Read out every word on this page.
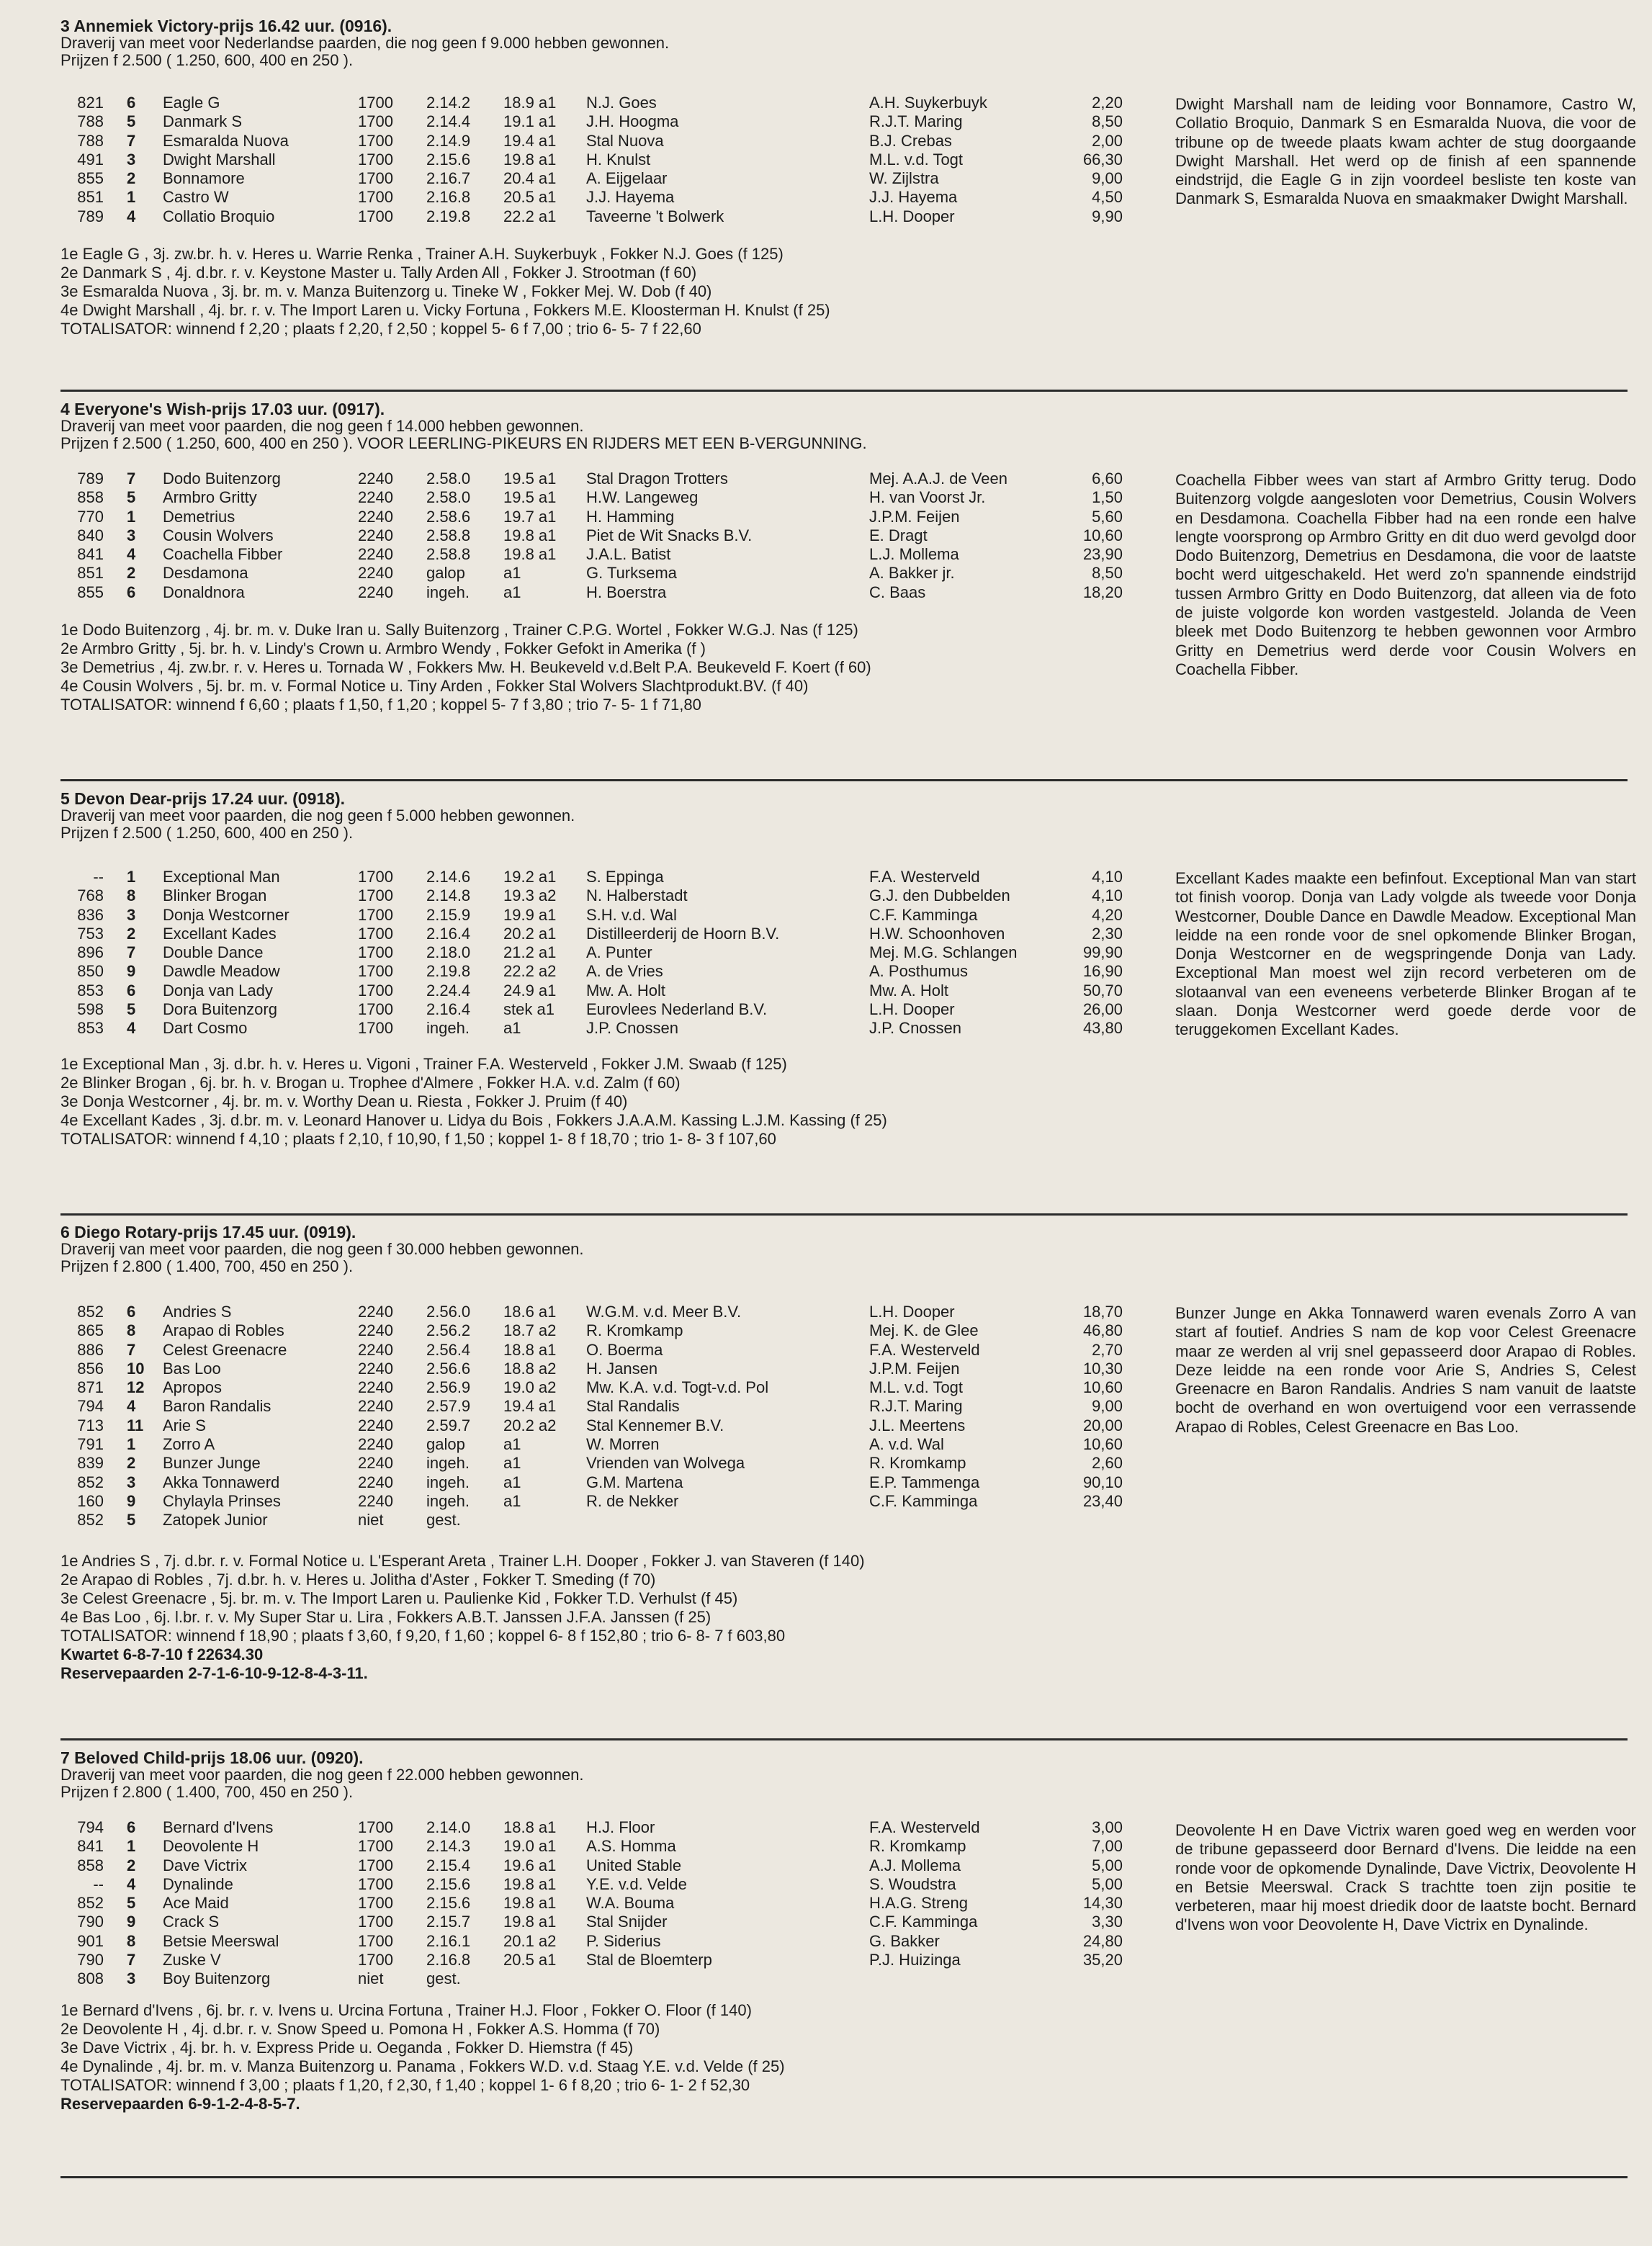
3 Annemiek Victory-prijs 16.42 uur. (0916).
Draverij van meet voor Nederlandse paarden, die nog geen f 9.000 hebben gewonnen.
Prijzen f 2.500 ( 1.250, 600, 400 en 250 ).
821 6 Eagle G	1700 2.14.2 18.9 a1 N.J. Goes	A.H. Suykerbuyk	2,20
788 5 Danmark S	1700 2.14.4 19.1 a1 J.H. Hoogma	R.J.T. Maring	8,50
788 7 Esmaralda Nuova	1700 2.14.9 19.4 a1 Stal Nuova	B.J. Crebas	2,00
491 3 Dwight Marshall	1700 2.15.6 19.8 a1 H. Knulst	M.L. v.d. Togt	66,30
855 2 Bonnamore	1700 2.16.7 20.4 a1 A. Eijgelaar	W. Zijlstra	9,00
851 1 Castro W	1700 2.16.8 20.5 a1 J.J. Hayema	J.J. Hayema	4,50
789 4 Collatio Broquio	1700 2.19.8 22.2 a1 Taveerne 't Bolwerk	L.H. Dooper	9,90
Dwight Marshall nam de leiding voor Bonnamore, Castro W, Collatio Broquio, Danmark S en Esmaralda Nuova, die voor de tribune op de tweede plaats kwam achter de stug doorgaande Dwight Marshall. Het werd op de finish af een spannende eindstrijd, die Eagle G in zijn voordeel besliste ten koste van Danmark S, Esmaralda Nuova en smaakmaker Dwight Marshall.
1e Eagle G , 3j. zw.br. h. v. Heres u. Warrie Renka , Trainer A.H. Suykerbuyk , Fokker N.J. Goes (f 125)
2e Danmark S , 4j. d.br. r. v. Keystone Master u. Tally Arden All , Fokker J. Strootman (f 60)
3e Esmaralda Nuova , 3j. br. m. v. Manza Buitenzorg u. Tineke W , Fokker Mej. W. Dob (f 40)
4e Dwight Marshall , 4j. br. r. v. The Import Laren u. Vicky Fortuna , Fokkers M.E. Kloosterman H. Knulst (f 25)
TOTALISATOR: winnend f 2,20 ; plaats f 2,20, f 2,50 ; koppel 5- 6 f 7,00 ; trio 6- 5- 7 f 22,60
4 Everyone's Wish-prijs 17.03 uur. (0917).
Draverij van meet voor paarden, die nog geen f 14.000 hebben gewonnen.
Prijzen f 2.500 ( 1.250, 600, 400 en 250 ). VOOR LEERLING-PIKEURS EN RIJDERS MET EEN B-VERGUNNING.
789 7 Dodo Buitenzorg	2240 2.58.0 19.5 a1 Stal Dragon Trotters	Mej. A.A.J. de Veen	6,60
858 5 Armbro Gritty	2240 2.58.0 19.5 a1 H.W. Langeweg	H. van Voorst Jr.	1,50
770 1 Demetrius	2240 2.58.6 19.7 a1 H. Hamming	J.P.M. Feijen	5,60
840 3 Cousin Wolvers	2240 2.58.8 19.8 a1 Piet de Wit Snacks B.V.	E. Dragt	10,60
841 4 Coachella Fibber	2240 2.58.8 19.8 a1 J.A.L. Batist	L.J. Mollema	23,90
851 2 Desdamona	2240 galop a1	G. Turksema	A. Bakker jr.	8,50
855 6 Donaldnora	2240 ingeh. a1	H. Boerstra	C. Baas	18,20
Coachella Fibber wees van start af Armbro Gritty terug. Dodo Buitenzorg volgde aangesloten voor Demetrius, Cousin Wolvers en Desdamona. Coachella Fibber had na een ronde een halve lengte voorsprong op Armbro Gritty en dit duo werd gevolgd door Dodo Buitenzorg, Demetrius en Desdamona, die voor de laatste bocht werd uitgeschakeld. Het werd zo'n spannende eindstrijd tussen Armbro Gritty en Dodo Buitenzorg, dat alleen via de foto de juiste volgorde kon worden vastgesteld. Jolanda de Veen bleek met Dodo Buitenzorg te hebben gewonnen voor Armbro Gritty en Demetrius werd derde voor Cousin Wolvers en Coachella Fibber.
1e Dodo Buitenzorg , 4j. br. m. v. Duke Iran u. Sally Buitenzorg , Trainer C.P.G. Wortel , Fokker W.G.J. Nas (f 125)
2e Armbro Gritty , 5j. br. h. v. Lindy's Crown u. Armbro Wendy , Fokker Gefokt in Amerika (f )
3e Demetrius , 4j. zw.br. r. v. Heres u. Tornada W , Fokkers Mw. H. Beukeveld v.d.Belt P.A. Beukeveld F. Koert (f 60)
4e Cousin Wolvers , 5j. br. m. v. Formal Notice u. Tiny Arden , Fokker Stal Wolvers Slachtprodukt.BV. (f 40)
TOTALISATOR: winnend f 6,60 ; plaats f 1,50, f 1,20 ; koppel 5- 7 f 3,80 ; trio 7- 5- 1 f 71,80
5 Devon Dear-prijs 17.24 uur. (0918).
Draverij van meet voor paarden, die nog geen f 5.000 hebben gewonnen.
Prijzen f 2.500 ( 1.250, 600, 400 en 250 ).
-- 1 Exceptional Man	1700 2.14.6 19.2 a1 S. Eppinga	F.A. Westerveld	4,10
768 8 Blinker Brogan	1700 2.14.8 19.3 a2 N. Halberstadt	G.J. den Dubbelden	4,10
836 3 Donja Westcorner	1700 2.15.9 19.9 a1 S.H. v.d. Wal	C.F. Kamminga	4,20
753 2 Excellant Kades	1700 2.16.4 20.2 a1 Distilleerderij de Hoorn B.V.	H.W. Schoonhoven	2,30
896 7 Double Dance	1700 2.18.0 21.2 a1 A. Punter	Mej. M.G. Schlangen	99,90
850 9 Dawdle Meadow	1700 2.19.8 22.2 a2 A. de Vries	A. Posthumus	16,90
853 6 Donja van Lady	1700 2.24.4 24.9 a1 Mw. A. Holt	Mw. A. Holt	50,70
598 5 Dora Buitenzorg	1700 2.16.4 stek a1 Eurovlees Nederland B.V.	L.H. Dooper	26,00
853 4 Dart Cosmo	1700 ingeh. a1	J.P. Cnossen	J.P. Cnossen	43,80
Excellant Kades maakte een befinfout. Exceptional Man van start tot finish voorop. Donja van Lady volgde als tweede voor Donja Westcorner, Double Dance en Dawdle Meadow. Exceptional Man leidde na een ronde voor de snel opkomende Blinker Brogan, Donja Westcorner en de wegspringende Donja van Lady. Exceptional Man moest wel zijn record verbeteren om de slotaanval van een eveneens verbeterde Blinker Brogan af te slaan. Donja Westcorner werd goede derde voor de teruggekomen Excellant Kades.
1e Exceptional Man , 3j. d.br. h. v. Heres u. Vigoni , Trainer F.A. Westerveld , Fokker J.M. Swaab (f 125)
2e Blinker Brogan , 6j. br. h. v. Brogan u. Trophee d'Almere , Fokker H.A. v.d. Zalm (f 60)
3e Donja Westcorner , 4j. br. m. v. Worthy Dean u. Riesta , Fokker J. Pruim (f 40)
4e Excellant Kades , 3j. d.br. m. v. Leonard Hanover u. Lidya du Bois , Fokkers J.A.A.M. Kassing L.J.M. Kassing (f 25)
TOTALISATOR: winnend f 4,10 ; plaats f 2,10, f 10,90, f 1,50 ; koppel 1- 8 f 18,70 ; trio 1- 8- 3 f 107,60
6 Diego Rotary-prijs 17.45 uur. (0919).
Draverij van meet voor paarden, die nog geen f 30.000 hebben gewonnen.
Prijzen f 2.800 ( 1.400, 700, 450 en 250 ).
852 6 Andries S	2240 2.56.0 18.6 a1 W.G.M. v.d. Meer B.V.	L.H. Dooper	18,70
865 8 Arapao di Robles	2240 2.56.2 18.7 a2 R. Kromkamp	Mej. K. de Glee	46,80
886 7 Celest Greenacre	2240 2.56.4 18.8 a1 O. Boerma	F.A. Westerveld	2,70
856 10 Bas Loo	2240 2.56.6 18.8 a2 H. Jansen	J.P.M. Feijen	10,30
871 12 Apropos	2240 2.56.9 19.0 a2 Mw. K.A. v.d. Togt-v.d. Pol	M.L. v.d. Togt	10,60
794 4 Baron Randalis	2240 2.57.9 19.4 a1 Stal Randalis	R.J.T. Maring	9,00
713 11 Arie S	2240 2.59.7 20.2 a2 Stal Kennemer B.V.	J.L. Meertens	20,00
791 1 Zorro A	2240 galop a1	W. Morren	A. v.d. Wal	10,60
839 2 Bunzer Junge	2240 ingeh. a1	Vrienden van Wolvega	R. Kromkamp	2,60
852 3 Akka Tonnawerd	2240 ingeh. a1	G.M. Martena	E.P. Tammenga	90,10
160 9 Chylayla Prinses	2240 ingeh. a1	R. de Nekker	C.F. Kamminga	23,40
852 5 Zatopek Junior	niet	gest.
Bunzer Junge en Akka Tonnawerd waren evenals Zorro A van start af foutief. Andries S nam de kop voor Celest Greenacre maar ze werden al vrij snel gepasseerd door Arapao di Robles. Deze leidde na een ronde voor Arie S, Andries S, Celest Greenacre en Baron Randalis. Andries S nam vanuit de laatste bocht de overhand en won overtuigend voor een verrassende Arapao di Robles, Celest Greenacre en Bas Loo.
1e Andries S , 7j. d.br. r. v. Formal Notice u. L'Esperant Areta , Trainer L.H. Dooper , Fokker J. van Staveren (f 140)
2e Arapao di Robles , 7j. d.br. h. v. Heres u. Jolitha d'Aster , Fokker T. Smeding (f 70)
3e Celest Greenacre , 5j. br. m. v. The Import Laren u. Paulienke Kid , Fokker T.D. Verhulst (f 45)
4e Bas Loo , 6j. l.br. r. v. My Super Star u. Lira , Fokkers A.B.T. Janssen J.F.A. Janssen (f 25)
TOTALISATOR: winnend f 18,90 ; plaats f 3,60, f 9,20, f 1,60 ; koppel 6- 8 f 152,80 ; trio 6- 8- 7 f 603,80
Kwartet 6-8-7-10 f 22634.30
Reservepaarden 2-7-1-6-10-9-12-8-4-3-11.
7 Beloved Child-prijs 18.06 uur. (0920).
Draverij van meet voor paarden, die nog geen f 22.000 hebben gewonnen.
Prijzen f 2.800 ( 1.400, 700, 450 en 250 ).
794 6 Bernard d'Ivens	1700 2.14.0 18.8 a1 H.J. Floor	F.A. Westerveld	3,00
841 1 Deovolente H	1700 2.14.3 19.0 a1 A.S. Homma	R. Kromkamp	7,00
858 2 Dave Victrix	1700 2.15.4 19.6 a1 United Stable	A.J. Mollema	5,00
-- 4 Dynalinde	1700 2.15.6 19.8 a1 Y.E. v.d. Velde	S. Woudstra	5,00
852 5 Ace Maid	1700 2.15.6 19.8 a1 W.A. Bouma	H.A.G. Streng	14,30
790 9 Crack S	1700 2.15.7 19.8 a1 Stal Snijder	C.F. Kamminga	3,30
901 8 Betsie Meerswal	1700 2.16.1 20.1 a2 P. Siderius	G. Bakker	24,80
790 7 Zuske V	1700 2.16.8 20.5 a1 Stal de Bloemterp	P.J. Huizinga	35,20
808 3 Boy Buitenzorg	niet	gest.
Deovolente H en Dave Victrix waren goed weg en werden voor de tribune gepasseerd door Bernard d'Ivens. Die leidde na een ronde voor de opkomende Dynalinde, Dave Victrix, Deovolente H en Betsie Meerswal. Crack S trachtte toen zijn positie te verbeteren, maar hij moest driedik door de laatste bocht. Bernard d'Ivens won voor Deovolente H, Dave Victrix en Dynalinde.
1e Bernard d'Ivens , 6j. br. r. v. Ivens u. Urcina Fortuna , Trainer H.J. Floor , Fokker O. Floor (f 140)
2e Deovolente H , 4j. d.br. r. v. Snow Speed u. Pomona H , Fokker A.S. Homma (f 70)
3e Dave Victrix , 4j. br. h. v. Express Pride u. Oeganda , Fokker D. Hiemstra (f 45)
4e Dynalinde , 4j. br. m. v. Manza Buitenzorg u. Panama , Fokkers W.D. v.d. Staag Y.E. v.d. Velde (f 25)
TOTALISATOR: winnend f 3,00 ; plaats f 1,20, f 2,30, f 1,40 ; koppel 1- 6 f 8,20 ; trio 6- 1- 2 f 52,30
Reservepaarden 6-9-1-2-4-8-5-7.
